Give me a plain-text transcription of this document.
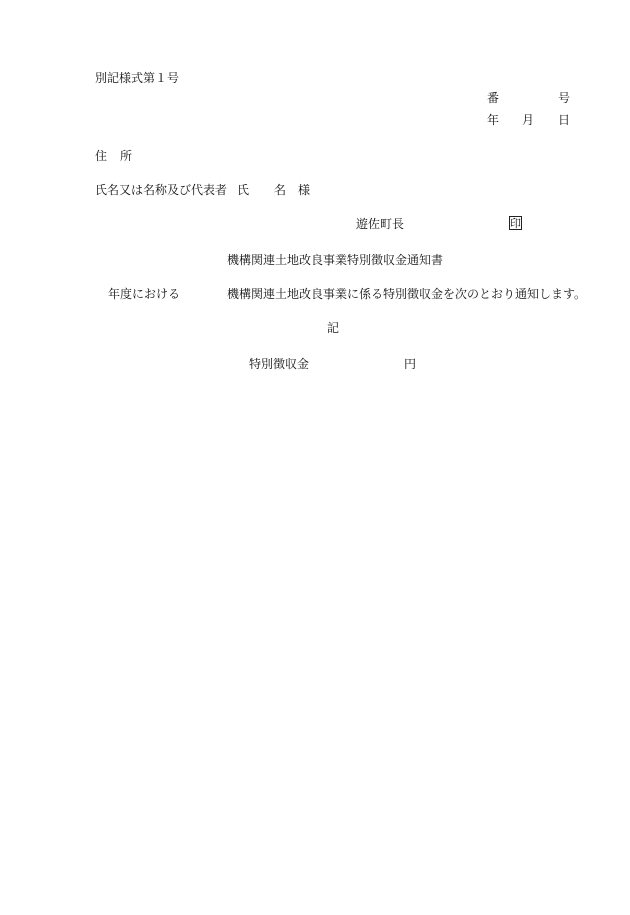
別記様式第１号
番	号
年 月 日
住 所
氏名又は名称及び代表者 氏 名 様
遊佐町長	印
機構関連土地改良事業特別徴収金通知書
年度における	機構関連土地改良事業に係る特別徴収金を次のとおり通知します。
記
特別徴収金	円
